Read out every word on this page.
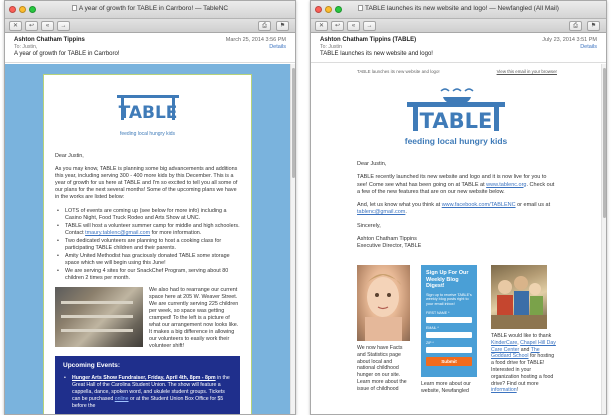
A year of growth for TABLE in Carrboro! — TableNC
✕	↩	«	→	⎙	⚑
Ashton Chatham Tippins
To: Justin,
A year of growth for TABLE in Carrboro!
March 25, 2014 3:56 PM
Details
TABLE
feeding local hungry kids

Dear Justin,

As you may know, TABLE is planning some big advancements and additions this year, including serving 300 - 400 more kids by this December. This is a year of growth for us here at TABLE and I'm so excited to tell you all some of our plans for the next several months! Some of the upcoming plans we have in the works are listed below:

• LOTS of events are coming up (see below for more info) including a Casino Night, Food Truck Rodeo and Arts Show at UNC.
• TABLE will host a volunteer summer camp for middle and high schoolers. Contact tmaury.tablenc@gmail.com for more information.
• Two dedicated volunteers are planning to host a cooking class for participating TABLE children and their parents.
• Amity United Methodist has graciously donated TABLE some storage space which we will begin using this June!
• We are serving 4 sites for our SnackChef Program, serving about 80 children 2 times per month.
We also had to rearrange our current space here at 205 W. Weaver Street. We are currently serving 225 children per week, so space was getting cramped! To the left is a picture of what our arrangement now looks like. It makes a big difference in allowing our volunteers to easily work their volunteer shift!
Upcoming Events:
• Hunger Arts Show Fundraiser, Friday, April 4th, 8pm - 8pm in the Great Hall of the Carolina Student Union. The show will feature a cappella, dance, spoken word, and ukulele student groups. Tickets can be purchased online or at the Student Union Box Office for $5 before the
TABLE launches its new website and logo! — Newfangled (All Mail)
✕	↩	«	→	⎙	⚑
Ashton Chatham Tippins (TABLE)
To: Justin
TABLE launches its new website and logo!
July 23, 2014 3:51 PM
Details
TABLE launches its new website and logo!	View this email in your browser
TABLE
feeding local hungry kids

Dear Justin,

TABLE recently launched its new website and logo and it is now live for you to see! Come see what has been going on at TABLE at www.tablenc.org. Check out a few of the new features that are on our new website below.

And, let us know what you think at www.facebook.com/TABLENC or email us at tablenc@gmail.com.

Sincerely,

Ashton Chatham Tippins

Executive Director, TABLE

We now have Facts and Statistics page about local and national childhood hunger on our site. Learn more about the issue of childhood
Sign Up For Our Weekly Blog Digest!
Sign up to receive TABLE's weekly blog posts right to your email inbox!
FIRST NAME *
EMAIL *
ZIP *
Submit
Learn more about our website, Newfangled
TABLE would like to thank KinderCare, Chapel Hill Day Care Center and The Goddard School for hosting a food drive for TABLE! Interested in your organization hosting a food drive? Find out more information!
